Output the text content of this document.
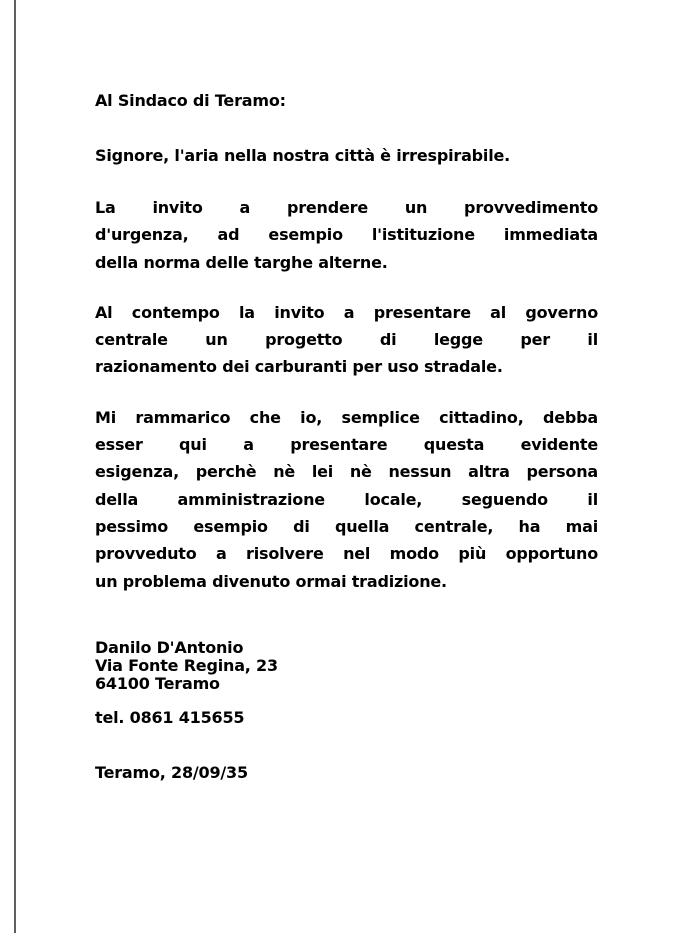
Al Sindaco di Teramo:
Signore, l'aria nella nostra città è irrespirabile.
La invito a prendere un provvedimento
d'urgenza, ad esempio l'istituzione immediata
della norma delle targhe alterne.
Al contempo la invito a presentare al governo
centrale un progetto di legge per il
razionamento dei carburanti per uso stradale.
Mi rammarico che io, semplice cittadino, debba
esser qui a presentare questa evidente
esigenza, perchè nè lei nè nessun altra persona
della amministrazione locale, seguendo il
pessimo esempio di quella centrale, ha mai
provveduto a risolvere nel modo più opportuno
un problema divenuto ormai tradizione.
Danilo D'Antonio
Via Fonte Regina, 23
64100 Teramo
tel. 0861 415655
Teramo, 28/09/35
